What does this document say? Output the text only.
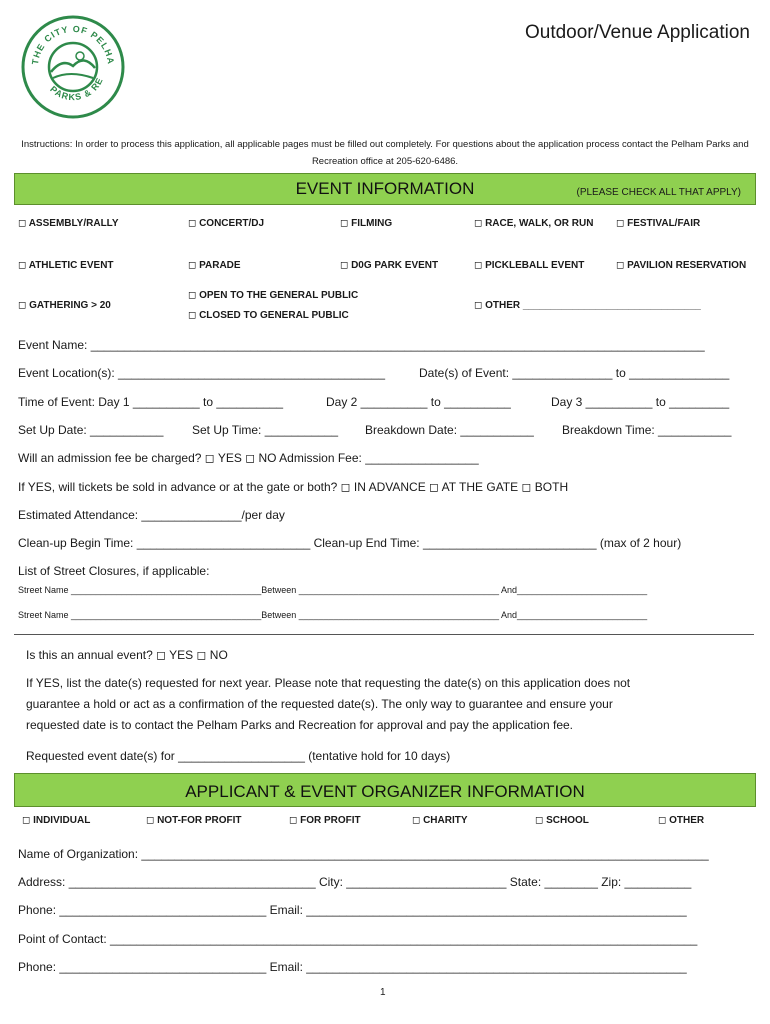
THE CITY OF PELHA
PARKS & RE
Outdoor/Venue Application
Instructions: In order to process this application, all applicable pages must be filled out completely. For questions about the application process contact the Pelham Parks and Recreation office at 205-620-6486.
EVENT INFORMATION	(PLEASE CHECK ALL THAT APPLY)
◻ ASSEMBLY/RALLY	◻ CONCERT/DJ	◻ FILMING	◻ RACE, WALK, OR RUN ◻ FESTIVAL/FAIR
◻ ATHLETIC EVENT	◻ PARADE	◻ D0G PARK EVENT	◻ PICKLEBALL EVENT	◻ PAVILION RESERVATION
◻ GATHERING > 20
◻ OPEN TO THE GENERAL PUBLIC
◻ CLOSED TO GENERAL PUBLIC
◻ OTHER ________________________________
Event Name: ____________________________________________________________________________________________
Event Location(s): ________________________________________	Date(s) of Event: _______________ to _______________
Time of Event: Day 1 __________ to __________	Day 2 __________ to __________	Day 3 __________ to _________
Set Up Date: ___________ Set Up Time: ___________ Breakdown Date: ___________ Breakdown Time: ___________
Will an admission fee be charged? ◻ YES ◻ NO Admission Fee: _________________
If YES, will tickets be sold in advance or at the gate or both? ◻ IN ADVANCE ◻ AT THE GATE ◻ BOTH
Estimated Attendance: _______________/per day
Clean-up Begin Time: __________________________ Clean-up End Time: __________________________ (max of 2 hour)
List of Street Closures, if applicable:
Street Name ______________________________________Between ________________________________________ And__________________________
Street Name ______________________________________Between ________________________________________ And__________________________
Is this an annual event? ◻ YES ◻ NO
If YES, list the date(s) requested for next year. Please note that requesting the date(s) on this application does not
guarantee a hold or act as a confirmation of the requested date(s). The only way to guarantee and ensure your
requested date is to contact the Pelham Parks and Recreation for approval and pay the application fee.
Requested event date(s) for ___________________ (tentative hold for 10 days)
APPLICANT & EVENT ORGANIZER INFORMATION
◻ INDIVIDUAL	◻ NOT-FOR PROFIT	◻ FOR PROFIT	◻ CHARITY	◻ SCHOOL	◻ OTHER
Name of Organization: _____________________________________________________________________________________
Address: _____________________________________ City: ________________________ State: ________ Zip: __________
Phone: _______________________________ Email: _________________________________________________________
Point of Contact: ________________________________________________________________________________________
Phone: _______________________________ Email: _________________________________________________________
1
